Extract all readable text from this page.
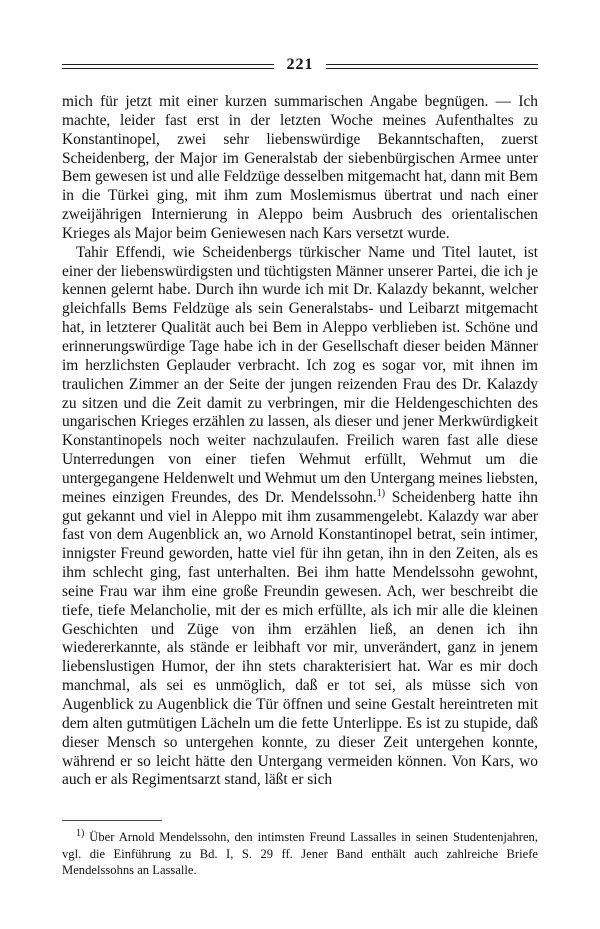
221

mich für jetzt mit einer kurzen summarischen Angabe begnügen. — Ich machte, leider fast erst in der letzten Woche meines Aufenthaltes zu Konstantinopel, zwei sehr liebenswürdige Bekanntschaften, zuerst Scheidenberg, der Major im Generalstab der siebenbürgischen Armee unter Bem gewesen ist und alle Feldzüge desselben mitgemacht hat, dann mit Bem in die Türkei ging, mit ihm zum Moslemismus übertrat und nach einer zweijährigen Internierung in Aleppo beim Ausbruch des orientalischen Krieges als Major beim Geniewesen nach Kars versetzt wurde.

Tahir Effendi, wie Scheidenbergs türkischer Name und Titel lautet, ist einer der liebenswürdigsten und tüchtigsten Männer unserer Partei, die ich je kennen gelernt habe. Durch ihn wurde ich mit Dr. Kalazdy bekannt, welcher gleichfalls Bems Feldzüge als sein Generalstabs- und Leibarzt mitgemacht hat, in letzterer Qualität auch bei Bem in Aleppo verblieben ist. Schöne und erinnerungswürdige Tage habe ich in der Gesellschaft dieser beiden Männer im herzlichsten Geplauder verbracht. Ich zog es sogar vor, mit ihnen im traulichen Zimmer an der Seite der jungen reizenden Frau des Dr. Kalazdy zu sitzen und die Zeit damit zu verbringen, mir die Heldengeschichten des ungarischen Krieges erzählen zu lassen, als dieser und jener Merkwürdigkeit Konstantinopels noch weiter nachzulaufen. Freilich waren fast alle diese Unterredungen von einer tiefen Wehmut erfüllt, Wehmut um die untergegangene Heldenwelt und Wehmut um den Untergang meines liebsten, meines einzigen Freundes, des Dr. Mendelssohn.$^{1)}$ Scheidenberg hatte ihn gut gekannt und viel in Aleppo mit ihm zusammengelebt. Kalazdy war aber fast von dem Augenblick an, wo Arnold Konstantinopel betrat, sein intimer, innigster Freund geworden, hatte viel für ihn getan, ihn in den Zeiten, als es ihm schlecht ging, fast unterhalten. Bei ihm hatte Mendelssohn gewohnt, seine Frau war ihm eine große Freundin gewesen. Ach, wer beschreibt die tiefe, tiefe Melancholie, mit der es mich erfüllte, als ich mir alle die kleinen Geschichten und Züge von ihm erzählen ließ, an denen ich ihn wiedererkannte, als stände er leibhaft vor mir, unverändert, ganz in jenem liebenslustigen Humor, der ihn stets charakterisiert hat. War es mir doch manchmal, als sei es unmöglich, daß er tot sei, als müsse sich von Augenblick zu Augenblick die Tür öffnen und seine Gestalt hereintreten mit dem alten gutmütigen Lächeln um die fette Unterlippe. Es ist zu stupide, daß dieser Mensch so untergehen konnte, zu dieser Zeit untergehen konnte, während er so leicht hätte den Untergang vermeiden können. Von Kars, wo auch er als Regimentsarzt stand, läßt er sich

$^{1)}$ Über Arnold Mendelssohn, den intimsten Freund Lassalles in seinen Studentenjahren, vgl. die Einführung zu Bd. I, S. 29 ff. Jener Band enthält auch zahlreiche Briefe Mendelssohns an Lassalle.
